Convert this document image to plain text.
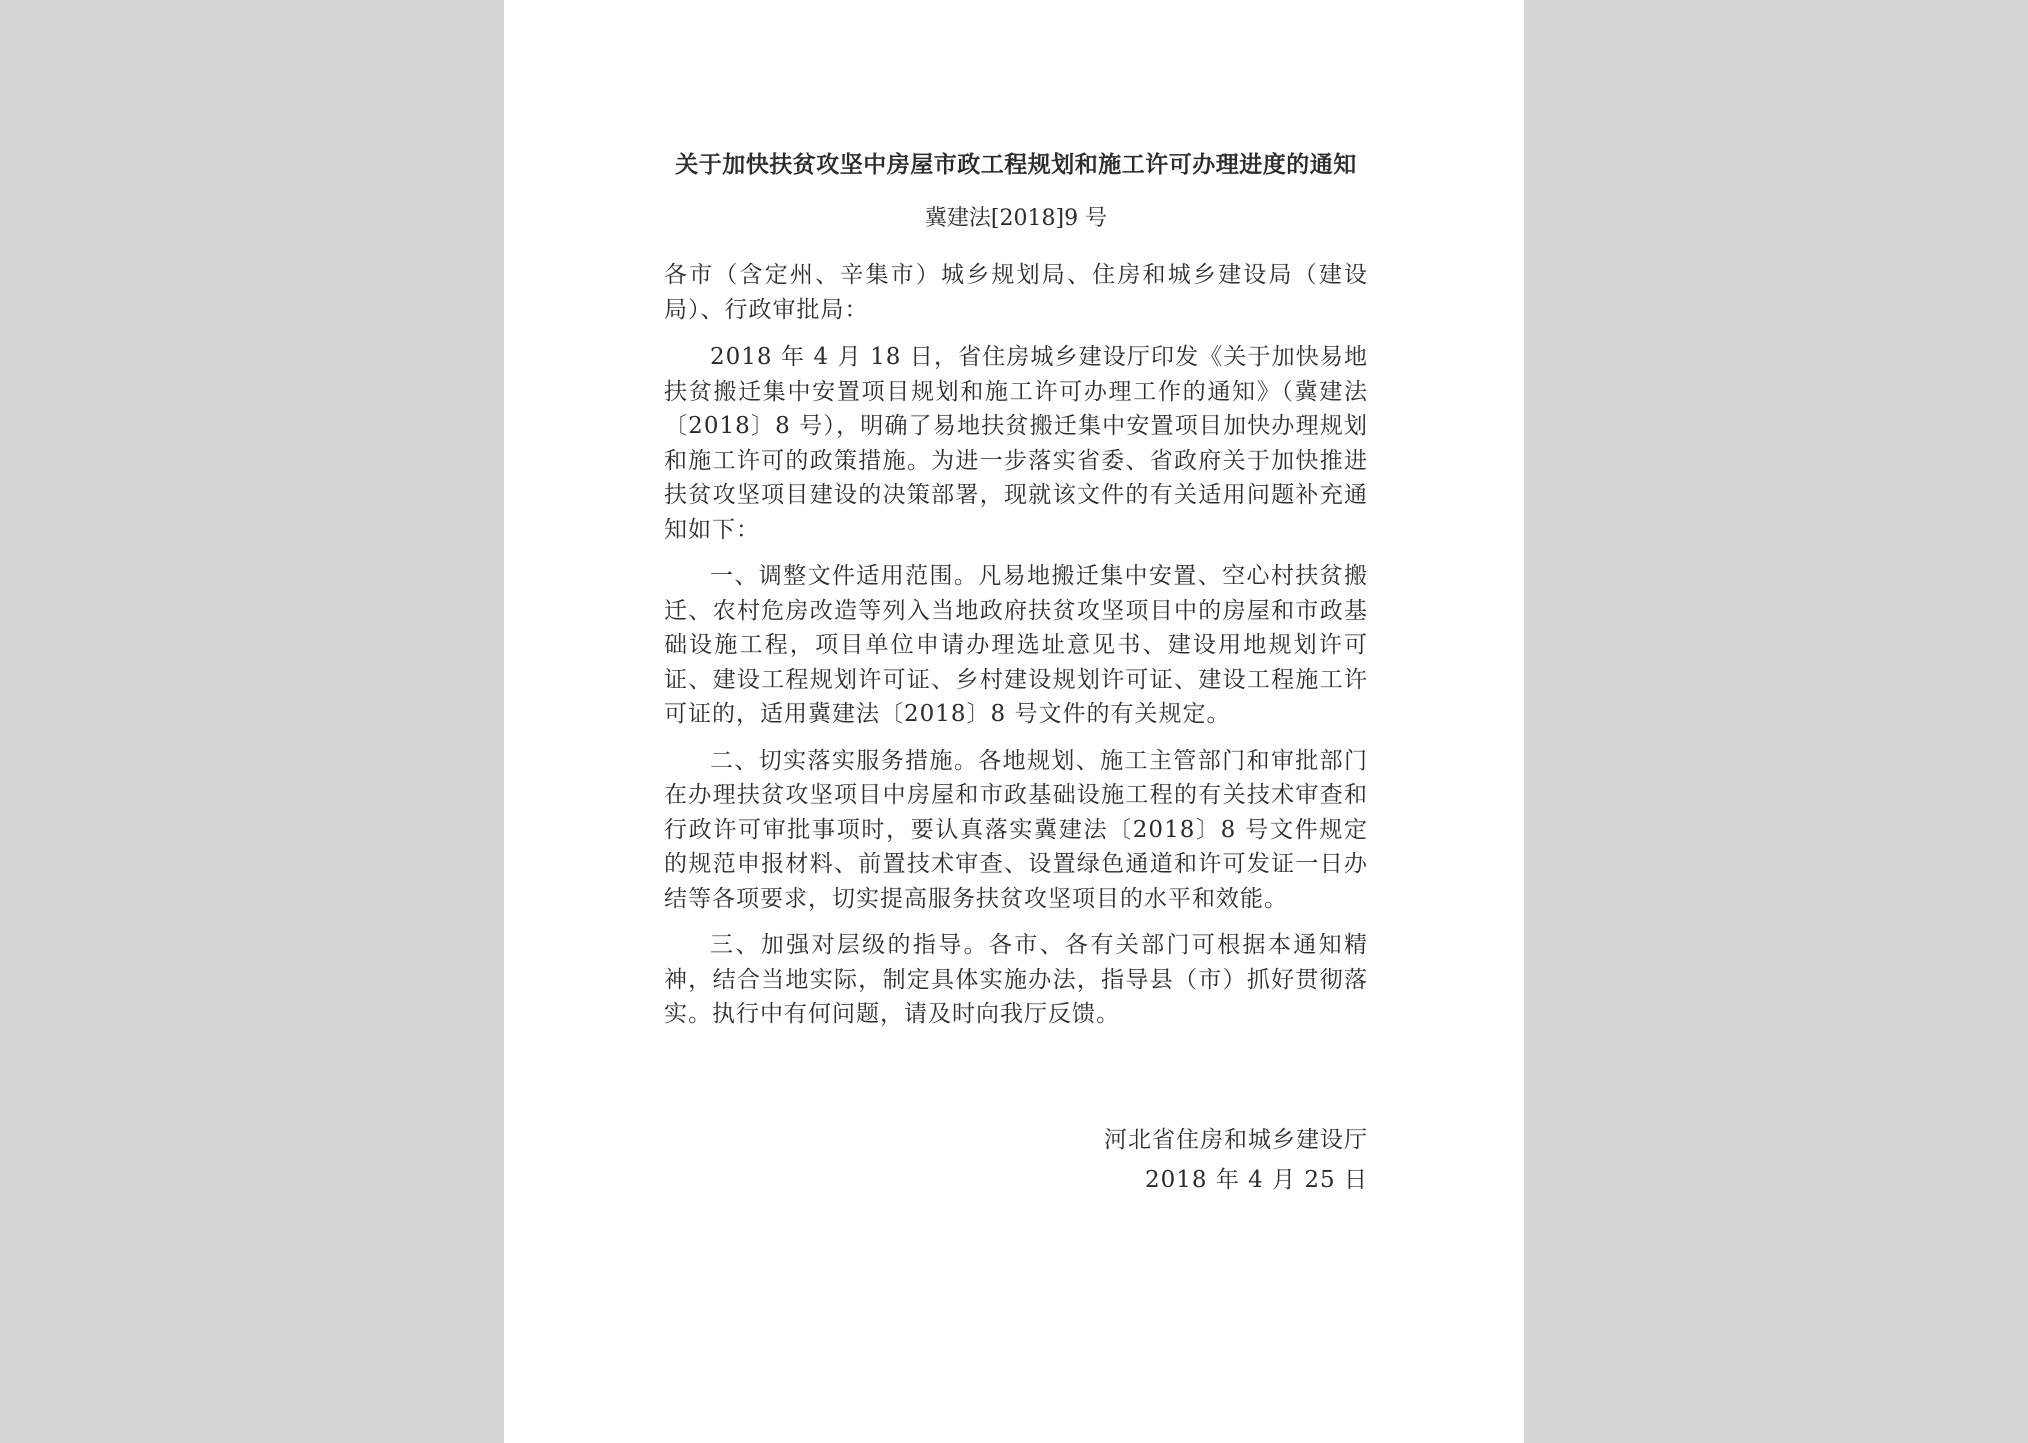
关于加快扶贫攻坚中房屋市政工程规划和施工许可办理进度的通知

冀建法[2018]9 号

各市（含定州、辛集市）城乡规划局、住房和城乡建设局（建设局）、行政审批局：

2018 年 4 月 18 日，省住房城乡建设厅印发《关于加快易地扶贫搬迁集中安置项目规划和施工许可办理工作的通知》（冀建法〔2018〕8 号），明确了易地扶贫搬迁集中安置项目加快办理规划和施工许可的政策措施。为进一步落实省委、省政府关于加快推进扶贫攻坚项目建设的决策部署，现就该文件的有关适用问题补充通知如下：

一、调整文件适用范围。凡易地搬迁集中安置、空心村扶贫搬迁、农村危房改造等列入当地政府扶贫攻坚项目中的房屋和市政基础设施工程，项目单位申请办理选址意见书、建设用地规划许可证、建设工程规划许可证、乡村建设规划许可证、建设工程施工许可证的，适用冀建法〔2018〕8 号文件的有关规定。

二、切实落实服务措施。各地规划、施工主管部门和审批部门在办理扶贫攻坚项目中房屋和市政基础设施工程的有关技术审查和行政许可审批事项时，要认真落实冀建法〔2018〕8 号文件规定的规范申报材料、前置技术审查、设置绿色通道和许可发证一日办结等各项要求，切实提高服务扶贫攻坚项目的水平和效能。

三、加强对层级的指导。各市、各有关部门可根据本通知精神，结合当地实际，制定具体实施办法，指导县（市）抓好贯彻落实。执行中有何问题，请及时向我厅反馈。

河北省住房和城乡建设厅
2018 年 4 月 25 日
